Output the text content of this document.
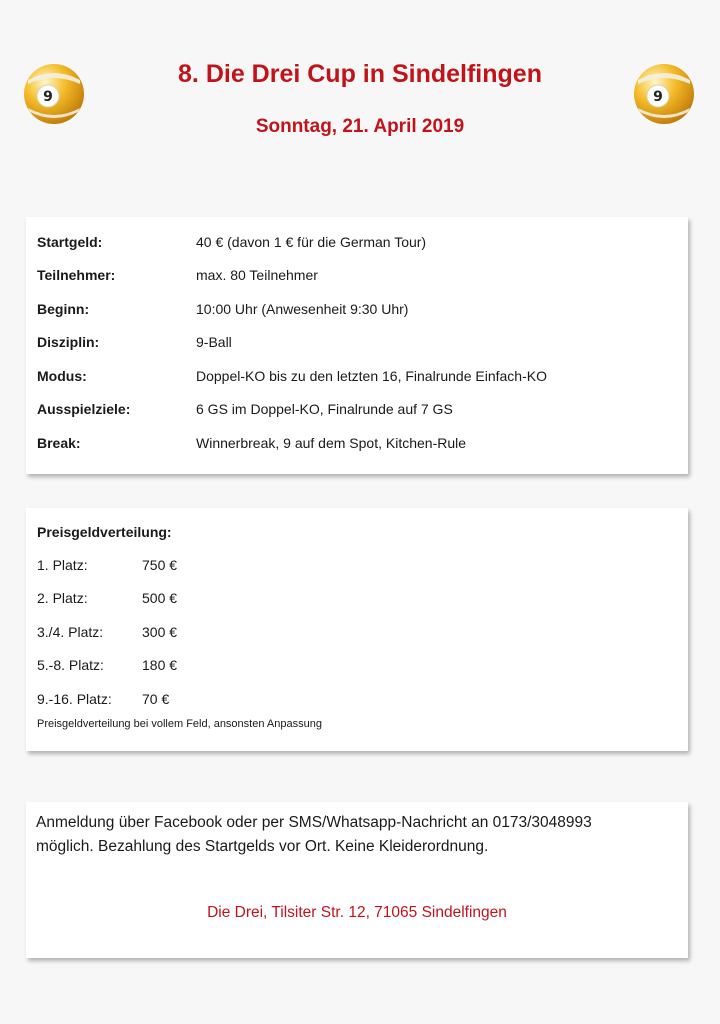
9	9
8. Die Drei Cup in Sindelfingen
Sonntag, 21. April 2019
Startgeld:	40 € (davon 1 € für die German Tour)
Teilnehmer:	max. 80 Teilnehmer
Beginn:	10:00 Uhr (Anwesenheit 9:30 Uhr)
Disziplin:	9-Ball
Modus:	Doppel-KO bis zu den letzten 16, Finalrunde Einfach-KO
Ausspielziele:	6 GS im Doppel-KO, Finalrunde auf 7 GS
Break:	Winnerbreak, 9 auf dem Spot, Kitchen-Rule
Preisgeldverteilung:
1. Platz:	750 €
2. Platz:	500 €
3./4. Platz:	300 €
5.-8. Platz:	180 €
9.-16. Platz:	70 €
Preisgeldverteilung bei vollem Feld, ansonsten Anpassung
Anmeldung über Facebook oder per SMS/Whatsapp-Nachricht an 0173/3048993
möglich. Bezahlung des Startgelds vor Ort. Keine Kleiderordnung.
Die Drei, Tilsiter Str. 12, 71065 Sindelfingen
